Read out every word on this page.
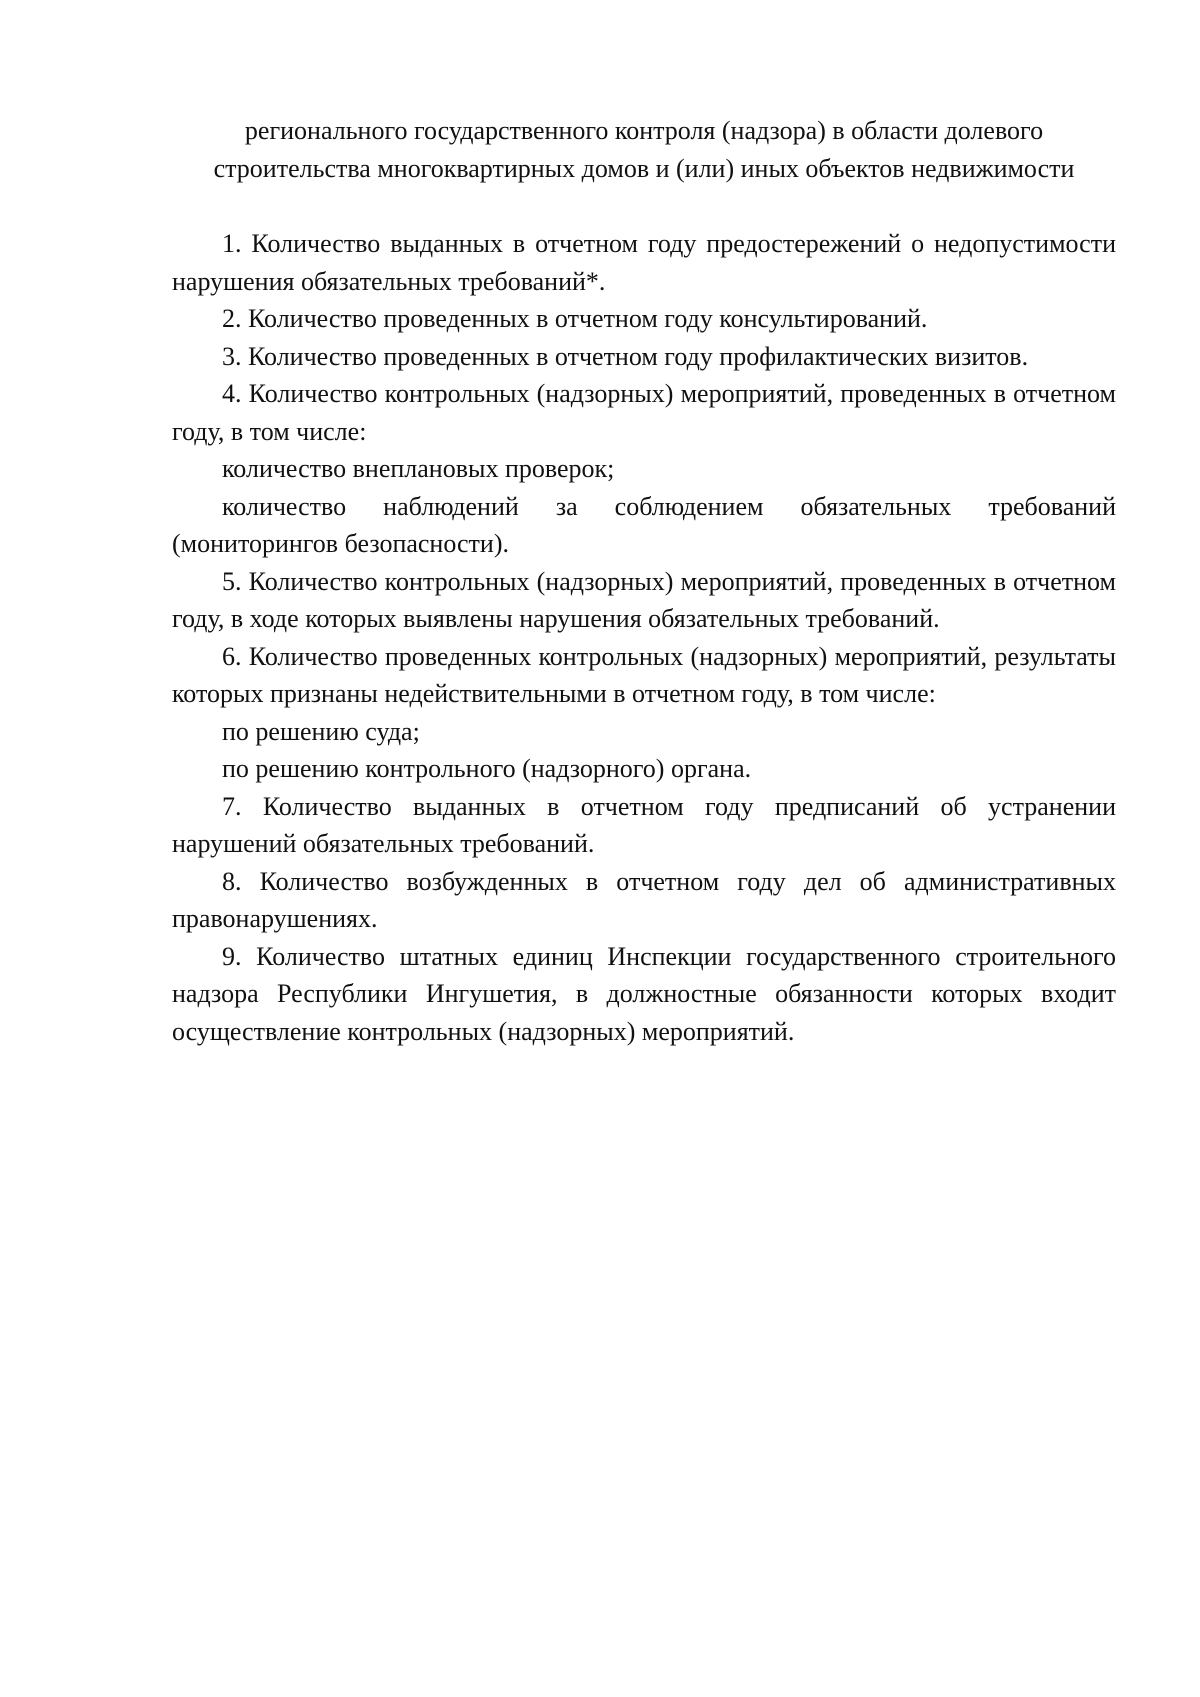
регионального государственного контроля (надзора) в области долевого
строительства многоквартирных домов и (или) иных объектов недвижимости

1. Количество выданных в отчетном году предостережений о недопустимости нарушения обязательных требований*.

2. Количество проведенных в отчетном году консультирований.

3. Количество проведенных в отчетном году профилактических визитов.

4. Количество контрольных (надзорных) мероприятий, проведенных в отчетном году, в том числе:

количество внеплановых проверок;

количество наблюдений за соблюдением обязательных требований (мониторингов безопасности).

5. Количество контрольных (надзорных) мероприятий, проведенных в отчетном году, в ходе которых выявлены нарушения обязательных требований.

6. Количество проведенных контрольных (надзорных) мероприятий, результаты которых признаны недействительными в отчетном году, в том числе:

по решению суда;

по решению контрольного (надзорного) органа.

7. Количество выданных в отчетном году предписаний об устранении нарушений обязательных требований.

8. Количество возбужденных в отчетном году дел об административных правонарушениях.

9. Количество штатных единиц Инспекции государственного строительного надзора Республики Ингушетия, в должностные обязанности которых входит осуществление контрольных (надзорных) мероприятий.
